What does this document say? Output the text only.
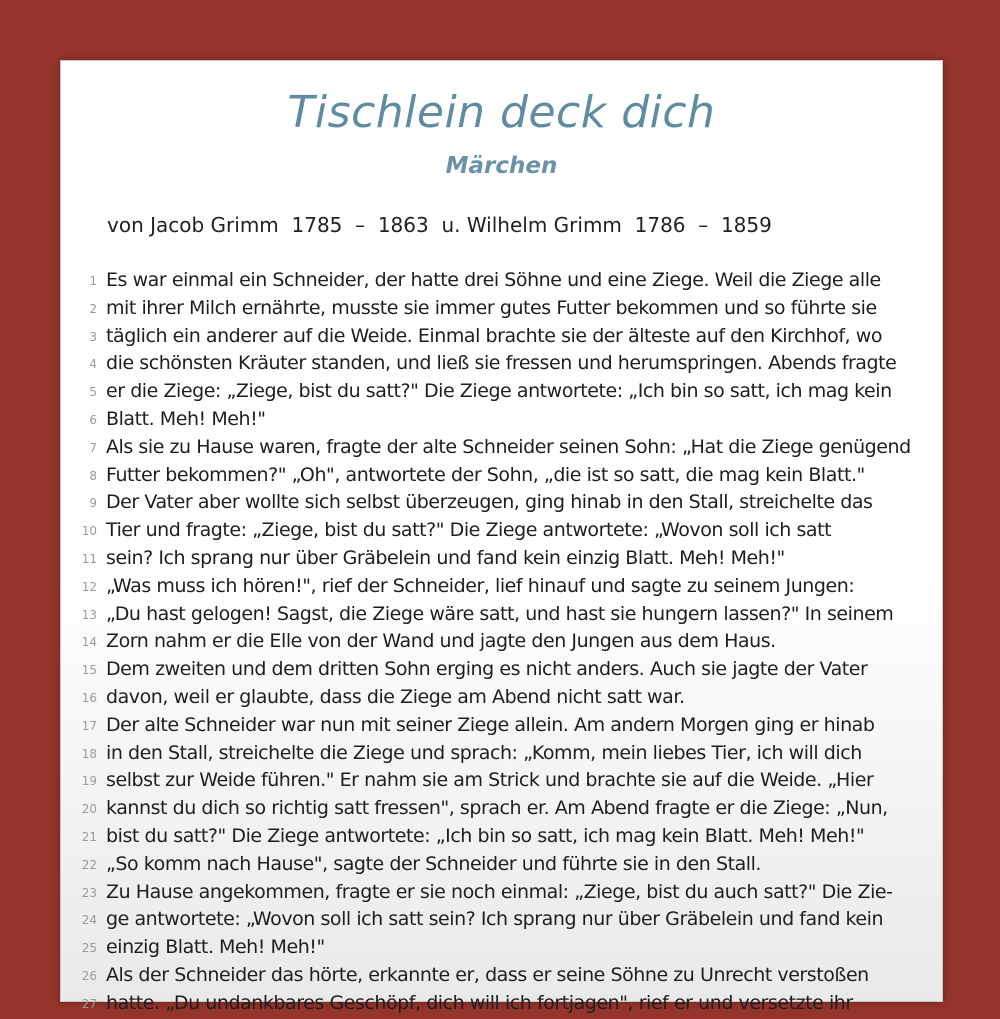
Tischlein deck dich
Märchen
von Jacob Grimm  1785  –  1863  u. Wilhelm Grimm  1786  –  1859
1 Es war einmal ein Schneider, der hatte drei Söhne und eine Ziege. Weil die Ziege alle
2 mit ihrer Milch ernährte, musste sie immer gutes Futter bekommen und so führte sie
3 täglich ein anderer auf die Weide. Einmal brachte sie der älteste auf den Kirchhof, wo
4 die schönsten Kräuter standen, und ließ sie fressen und herumspringen. Abends fragte
5 er die Ziege: „Ziege, bist du satt?" Die Ziege antwortete: „Ich bin so satt, ich mag kein
6 Blatt. Meh! Meh!"
7 Als sie zu Hause waren, fragte der alte Schneider seinen Sohn: „Hat die Ziege genügend
8 Futter bekommen?" „Oh", antwortete der Sohn, „die ist so satt, die mag kein Blatt."
9 Der Vater aber wollte sich selbst überzeugen, ging hinab in den Stall, streichelte das
10 Tier und fragte: „Ziege, bist du satt?" Die Ziege antwortete: „Wovon soll ich satt
11 sein? Ich sprang nur über Gräbelein und fand kein einzig Blatt. Meh! Meh!"
12 „Was muss ich hören!", rief der Schneider, lief hinauf und sagte zu seinem Jungen:
13 „Du hast gelogen! Sagst, die Ziege wäre satt, und hast sie hungern lassen?" In seinem
14 Zorn nahm er die Elle von der Wand und jagte den Jungen aus dem Haus.
15 Dem zweiten und dem dritten Sohn erging es nicht anders. Auch sie jagte der Vater
16 davon, weil er glaubte, dass die Ziege am Abend nicht satt war.
17 Der alte Schneider war nun mit seiner Ziege allein. Am andern Morgen ging er hinab
18 in den Stall, streichelte die Ziege und sprach: „Komm, mein liebes Tier, ich will dich
19 selbst zur Weide führen." Er nahm sie am Strick und brachte sie auf die Weide. „Hier
20 kannst du dich so richtig satt fressen", sprach er. Am Abend fragte er die Ziege: „Nun,
21 bist du satt?" Die Ziege antwortete: „Ich bin so satt, ich mag kein Blatt. Meh! Meh!"
22 „So komm nach Hause", sagte der Schneider und führte sie in den Stall.
23 Zu Hause angekommen, fragte er sie noch einmal: „Ziege, bist du auch satt?" Die Zie-
24 ge antwortete: „Wovon soll ich satt sein? Ich sprang nur über Gräbelein und fand kein
25 einzig Blatt. Meh! Meh!"
26 Als der Schneider das hörte, erkannte er, dass er seine Söhne zu Unrecht verstoßen
27 hatte. „Du undankbares Geschöpf, dich will ich fortjagen", rief er und versetzte ihr
